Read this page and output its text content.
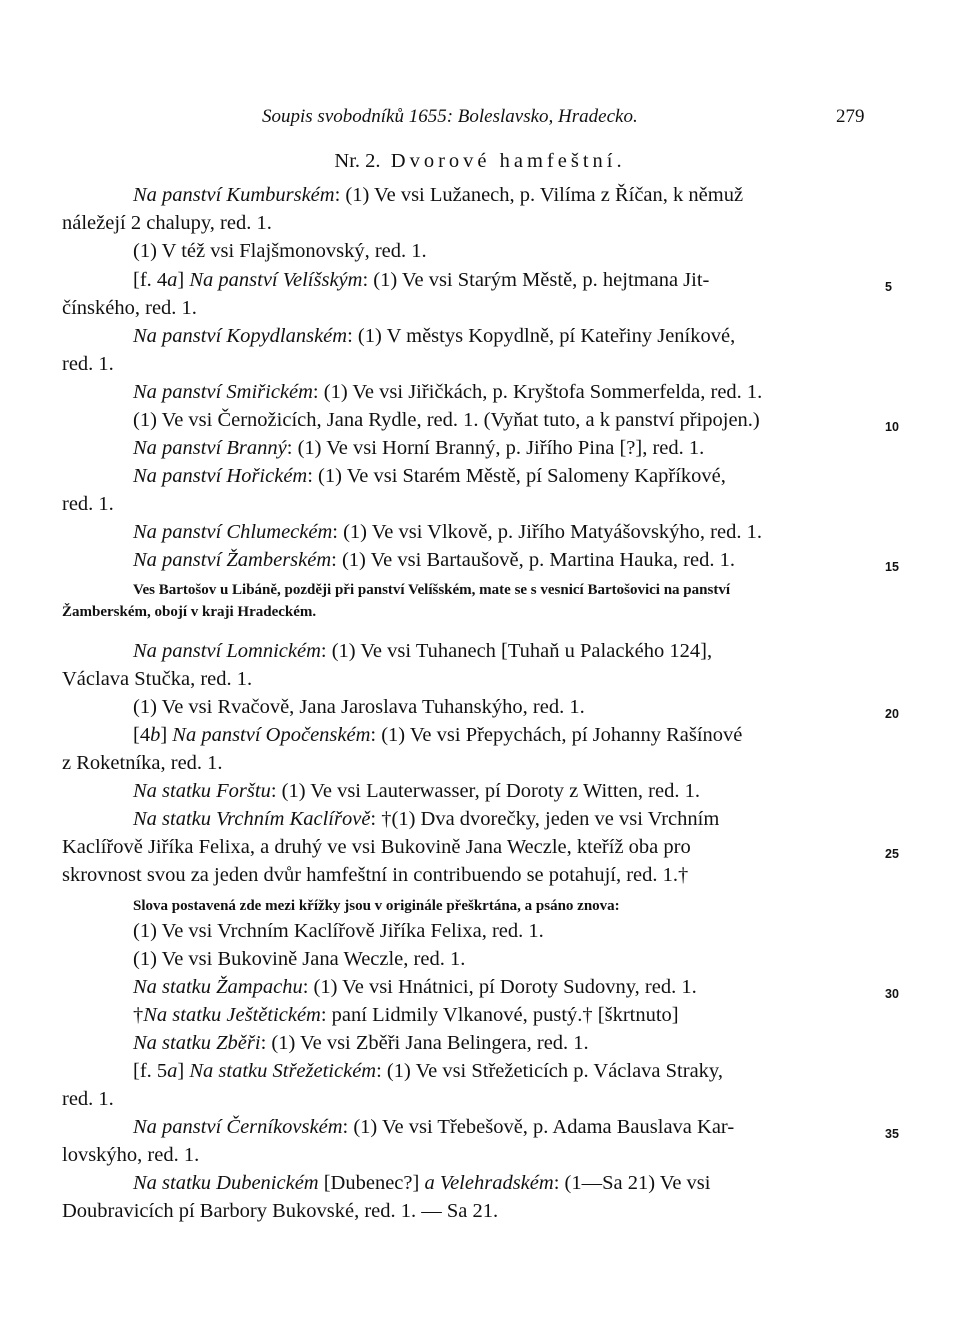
Soupis svobodníků 1655: Boleslavsko, Hradecko.	279
Nr. 2. Dvorové hamfeštní.
Na panství Kumburském: (1) Ve vsi Lužanech, p. Vilíma z Říčan, k němuž
náležejí 2 chalupy, red. 1.
(1) V též vsi Flajšmonovský, red. 1.
[f. 4a] Na panství Velíšským: (1) Ve vsi Starým Městě, p. hejtmana Jit-
čínského, red. 1.
Na panství Kopydlanském: (1) V městys Kopydlně, pí Kateřiny Jeníkové,
red. 1.
Na panství Smiřickém: (1) Ve vsi Jiřičkách, p. Kryštofa Sommerfelda, red. 1.
(1) Ve vsi Černožicích, Jana Rydle, red. 1. (Vyňat tuto, a k panství připojen.)
Na panství Branný: (1) Ve vsi Horní Branný, p. Jiřího Pina [?], red. 1.
Na panství Hořickém: (1) Ve vsi Starém Městě, pí Salomeny Kapříkové,
red. 1.
Na panství Chlumeckém: (1) Ve vsi Vlkově, p. Jiřího Matyášovskýho, red. 1.
Na panství Žamberském: (1) Ve vsi Bartaušově, p. Martina Hauka, red. 1.
Na panství Lomnickém: (1) Ve vsi Tuhanech [Tuhaň u Palackého 124],
Václava Stučka, red. 1.
(1) Ve vsi Rvačově, Jana Jaroslava Tuhanskýho, red. 1.
[4b] Na panství Opočenském: (1) Ve vsi Přepychách, pí Johanny Rašínové
z Roketníka, red. 1.
Na statku Forštu: (1) Ve vsi Lauterwasser, pí Doroty z Witten, red. 1.
Na statku Vrchním Kaclířově: †(1) Dva dvorečky, jeden ve vsi Vrchním
Kaclířově Jiříka Felixa, a druhý ve vsi Bukovině Jana Weczle, kteříž oba pro
skrovnost svou za jeden dvůr hamfeštní in contribuendo se potahují, red. 1.†
(1) Ve vsi Vrchním Kaclířově Jiříka Felixa, red. 1.
(1) Ve vsi Bukovině Jana Weczle, red. 1.
Na statku Žampachu: (1) Ve vsi Hnátnici, pí Doroty Sudovny, red. 1.
†Na statku Ještětickém: paní Lidmily Vlkanové, pustý.† [škrtnuto]
Na statku Zběři: (1) Ve vsi Zběři Jana Belingera, red. 1.
[f. 5a] Na statku Střežetickém: (1) Ve vsi Střežeticích p. Václava Straky,
red. 1.
Na panství Černíkovském: (1) Ve vsi Třebešově, p. Adama Bauslava Kar-
lovskýho, red. 1.
Na statku Dubenickém [Dubenec?] a Velehradském: (1—Sa 21) Ve vsi
Doubravicích pí Barbory Bukovské, red. 1. — Sa 21.
Ves Bartošov u Libáně, později při panství Velíšském, mate se s vesnicí Bartošovici na panství
Žamberském, obojí v kraji Hradeckém.
Slova postavená zde mezi křížky jsou v originále přeškrtána, a psáno znova:
5
10
15
20
25
30
35
